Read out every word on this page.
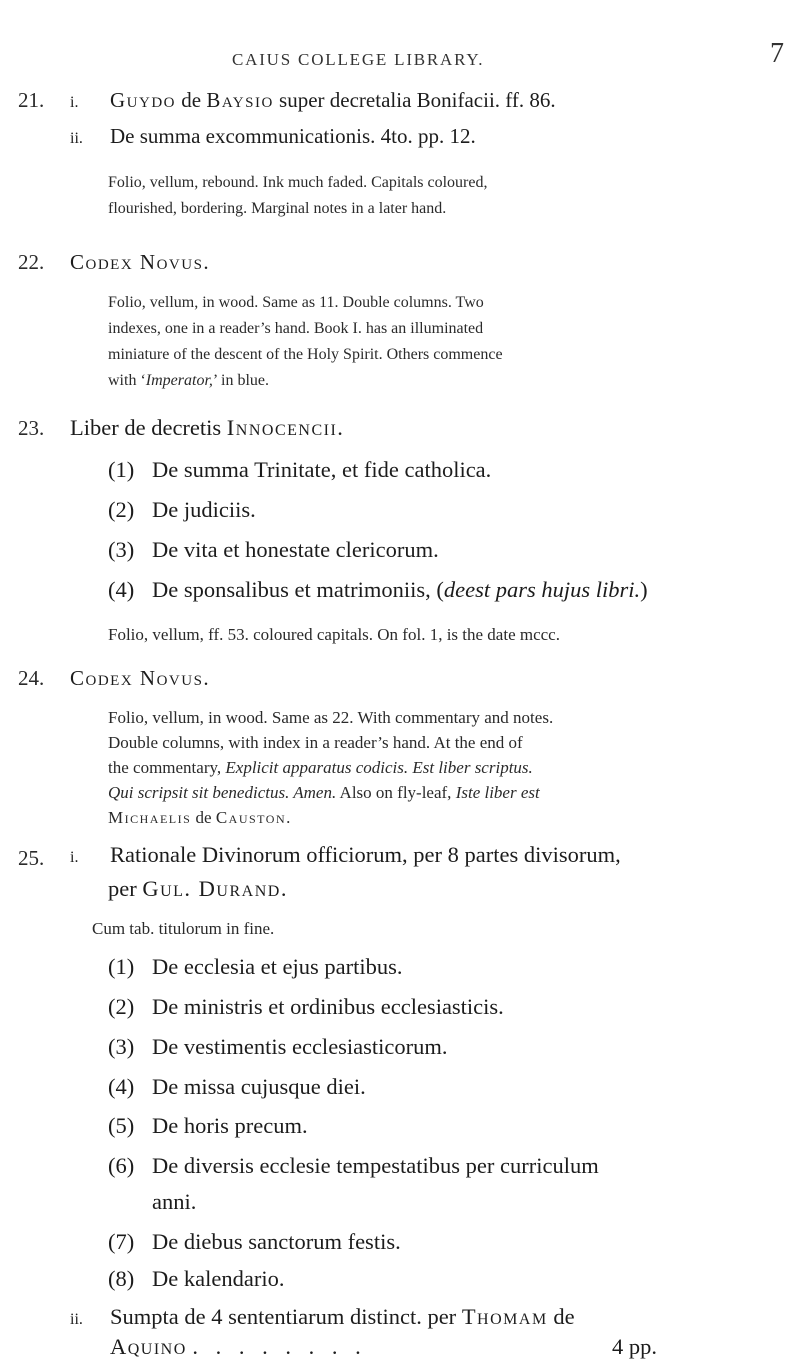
CAIUS COLLEGE LIBRARY.	7
21. i. Guydo de Baysio super decretalia Bonifacii. ff. 86.
ii. De summa excommunicationis. 4to. pp. 12.
Folio, vellum, rebound. Ink much faded. Capitals coloured,
flourished, bordering. Marginal notes in a later hand.
22. Codex Novus.
Folio, vellum, in wood. Same as 11. Double columns. Two
indexes, one in a reader’s hand. Book I. has an illuminated
miniature of the descent of the Holy Spirit. Others commence
with ‘Imperator,’ in blue.
23. Liber de decretis Innocencii.
(1) De summa Trinitate, et fide catholica.
(2) De judiciis.
(3) De vita et honestate clericorum.
(4) De sponsalibus et matrimoniis, (deest pars hujus libri.)
Folio, vellum, ff. 53. coloured capitals. On fol. 1, is the date mccc.
24. Codex Novus.
Folio, vellum, in wood. Same as 22. With commentary and notes.
Double columns, with index in a reader’s hand. At the end of
the commentary, Explicit apparatus codicis. Est liber scriptus.
Qui scripsit sit benedictus. Amen. Also on fly-leaf, Iste liber est
Michaelis de Causton.
25. i. Rationale Divinorum officiorum, per 8 partes divisorum,
per Gul. Durand.
Cum tab. titulorum in fine.
(1) De ecclesia et ejus partibus.
(2) De ministris et ordinibus ecclesiasticis.
(3) De vestimentis ecclesiasticorum.
(4) De missa cujusque diei.
(5) De horis precum.
(6) De diversis ecclesie tempestatibus per curriculum
anni.
(7) De diebus sanctorum festis.
(8) De kalendario.
ii. Sumpta de 4 sententiarum distinct. per Thomam de
Aquino . . . . . . . .	4 pp.
